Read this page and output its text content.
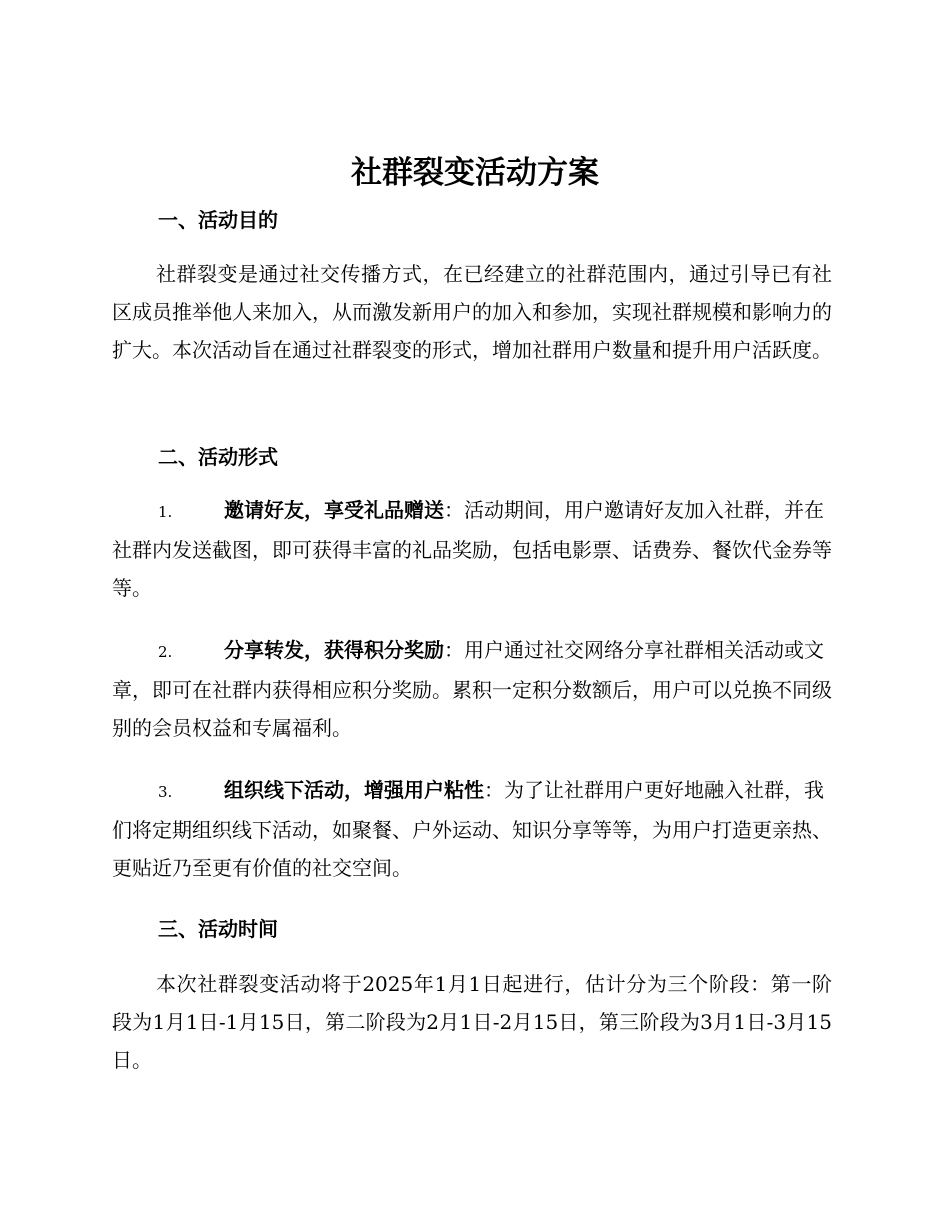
社群裂变活动方案
一、活动目的

社群裂变是通过社交传播方式，在已经建立的社群范围内，通过引导已有社区成员推举他人来加入，从而激发新用户的加入和参加，实现社群规模和影响力的扩大。本次活动旨在通过社群裂变的形式，增加社群用户数量和提升用户活跃度。

二、活动形式

1.	邀请好友，享受礼品赠送：活动期间，用户邀请好友加入社群，并在社群内发送截图，即可获得丰富的礼品奖励，包括电影票、话费券、餐饮代金券等等。

2.	分享转发，获得积分奖励：用户通过社交网络分享社群相关活动或文章，即可在社群内获得相应积分奖励。累积一定积分数额后，用户可以兑换不同级别的会员权益和专属福利。

3.	组织线下活动，增强用户粘性：为了让社群用户更好地融入社群，我们将定期组织线下活动，如聚餐、户外运动、知识分享等等，为用户打造更亲热、更贴近乃至更有价值的社交空间。

三、活动时间

本次社群裂变活动将于2025年1月1日起进行，估计分为三个阶段：第一阶段为1月1日-1月15日，第二阶段为2月1日-2月15日，第三阶段为3月1日-3月15日。
